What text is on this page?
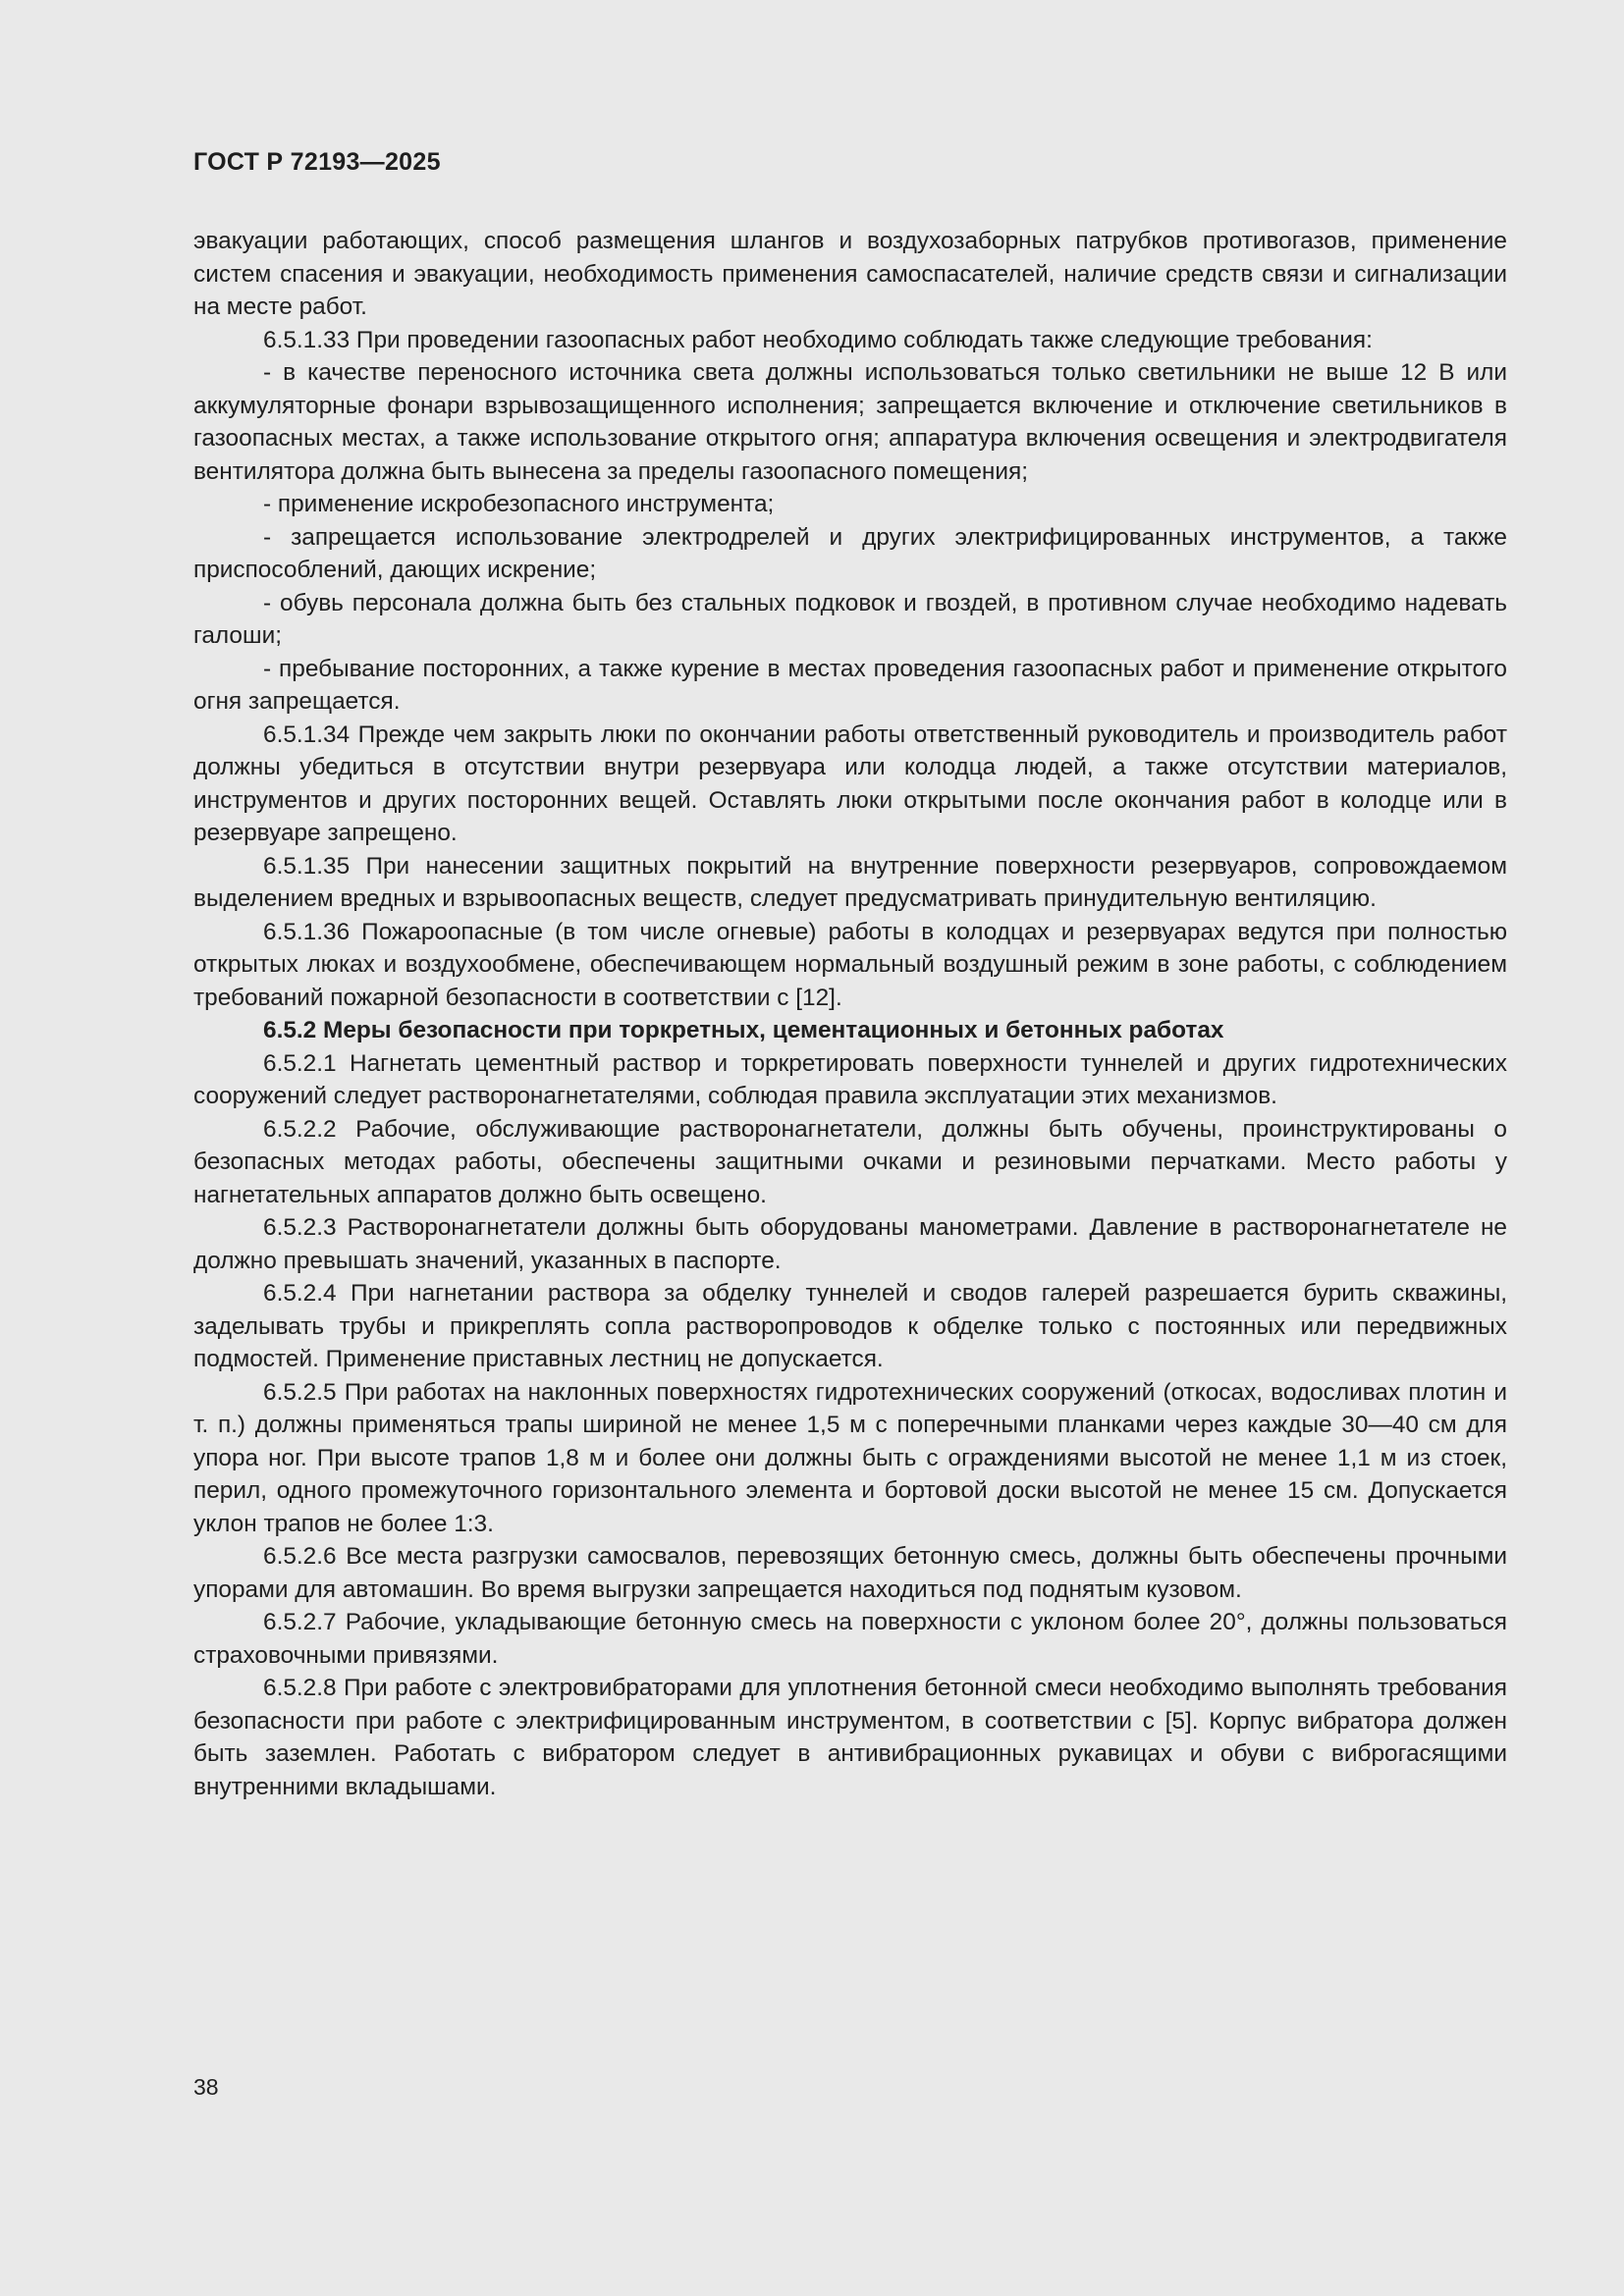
ГОСТ Р 72193—2025

эвакуации работающих, способ размещения шлангов и воздухозаборных патрубков противогазов, применение систем спасения и эвакуации, необходимость применения самоспасателей, наличие средств связи и сигнализации на месте работ.

6.5.1.33 При проведении газоопасных работ необходимо соблюдать также следующие требования:

- в качестве переносного источника света должны использоваться только светильники не выше 12 В или аккумуляторные фонари взрывозащищенного исполнения; запрещается включение и отключение светильников в газоопасных местах, а также использование открытого огня; аппаратура включения освещения и электродвигателя вентилятора должна быть вынесена за пределы газоопасного помещения;

- применение искробезопасного инструмента;

- запрещается использование электродрелей и других электрифицированных инструментов, а также приспособлений, дающих искрение;

- обувь персонала должна быть без стальных подковок и гвоздей, в противном случае необходимо надевать галоши;

- пребывание посторонних, а также курение в местах проведения газоопасных работ и применение открытого огня запрещается.

6.5.1.34 Прежде чем закрыть люки по окончании работы ответственный руководитель и производитель работ должны убедиться в отсутствии внутри резервуара или колодца людей, а также отсутствии материалов, инструментов и других посторонних вещей. Оставлять люки открытыми после окончания работ в колодце или в резервуаре запрещено.

6.5.1.35 При нанесении защитных покрытий на внутренние поверхности резервуаров, сопровождаемом выделением вредных и взрывоопасных веществ, следует предусматривать принудительную вентиляцию.

6.5.1.36 Пожароопасные (в том числе огневые) работы в колодцах и резервуарах ведутся при полностью открытых люках и воздухообмене, обеспечивающем нормальный воздушный режим в зоне работы, с соблюдением требований пожарной безопасности в соответствии с [12].

6.5.2 Меры безопасности при торкретных, цементационных и бетонных работах

6.5.2.1 Нагнетать цементный раствор и торкретировать поверхности туннелей и других гидротехнических сооружений следует растворонагнетателями, соблюдая правила эксплуатации этих механизмов.

6.5.2.2 Рабочие, обслуживающие растворонагнетатели, должны быть обучены, проинструктированы о безопасных методах работы, обеспечены защитными очками и резиновыми перчатками. Место работы у нагнетательных аппаратов должно быть освещено.

6.5.2.3 Растворонагнетатели должны быть оборудованы манометрами. Давление в растворонагнетателе не должно превышать значений, указанных в паспорте.

6.5.2.4 При нагнетании раствора за обделку туннелей и сводов галерей разрешается бурить скважины, заделывать трубы и прикреплять сопла растворопроводов к обделке только с постоянных или передвижных подмостей. Применение приставных лестниц не допускается.

6.5.2.5 При работах на наклонных поверхностях гидротехнических сооружений (откосах, водосливах плотин и т. п.) должны применяться трапы шириной не менее 1,5 м с поперечными планками через каждые 30—40 см для упора ног. При высоте трапов 1,8 м и более они должны быть с ограждениями высотой не менее 1,1 м из стоек, перил, одного промежуточного горизонтального элемента и бортовой доски высотой не менее 15 см. Допускается уклон трапов не более 1:3.

6.5.2.6 Все места разгрузки самосвалов, перевозящих бетонную смесь, должны быть обеспечены прочными упорами для автомашин. Во время выгрузки запрещается находиться под поднятым кузовом.

6.5.2.7 Рабочие, укладывающие бетонную смесь на поверхности с уклоном более 20°, должны пользоваться страховочными привязями.

6.5.2.8 При работе с электровибраторами для уплотнения бетонной смеси необходимо выполнять требования безопасности при работе с электрифицированным инструментом, в соответствии с [5]. Корпус вибратора должен быть заземлен. Работать с вибратором следует в антивибрационных рукавицах и обуви с виброгасящими внутренними вкладышами.

38
